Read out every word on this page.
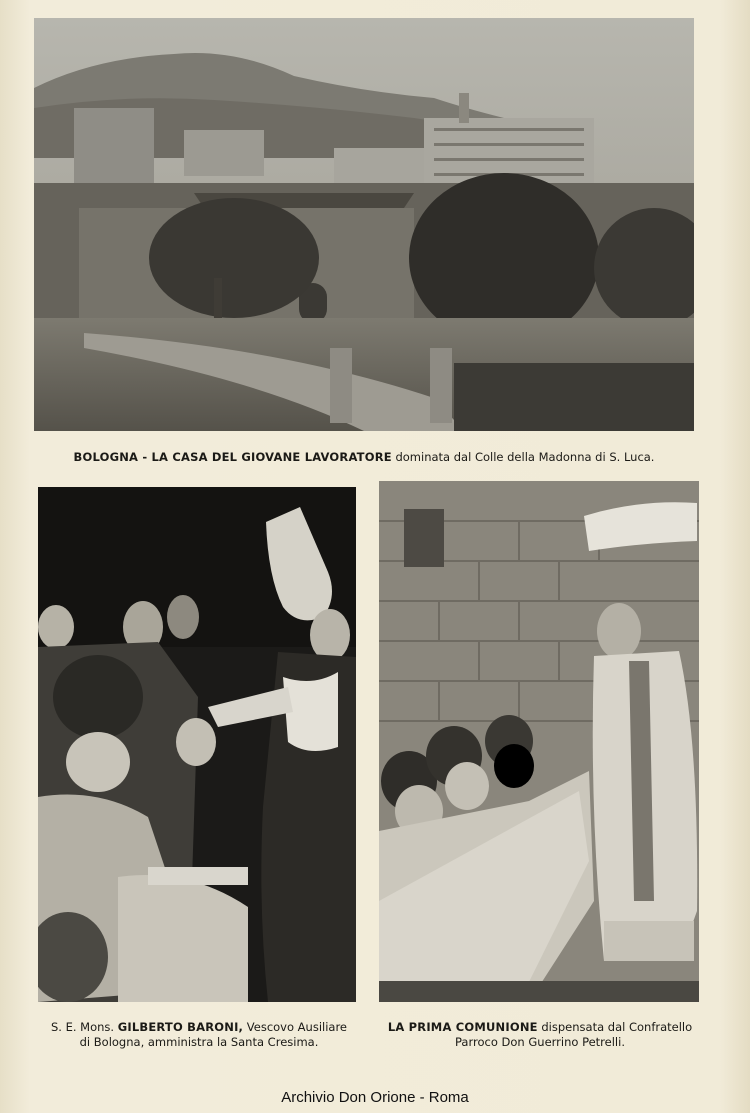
BOLOGNA - LA CASA DEL GIOVANE LAVORATORE dominata dal Colle della Madonna di S. Luca.

S. E. Mons. GILBERTO BARONI, Vescovo Ausiliare
di Bologna, amministra la Santa Cresima.
LA PRIMA COMUNIONE dispensata dal Confratello
Parroco Don Guerrino Petrelli.
Archivio Don Orione - Roma
